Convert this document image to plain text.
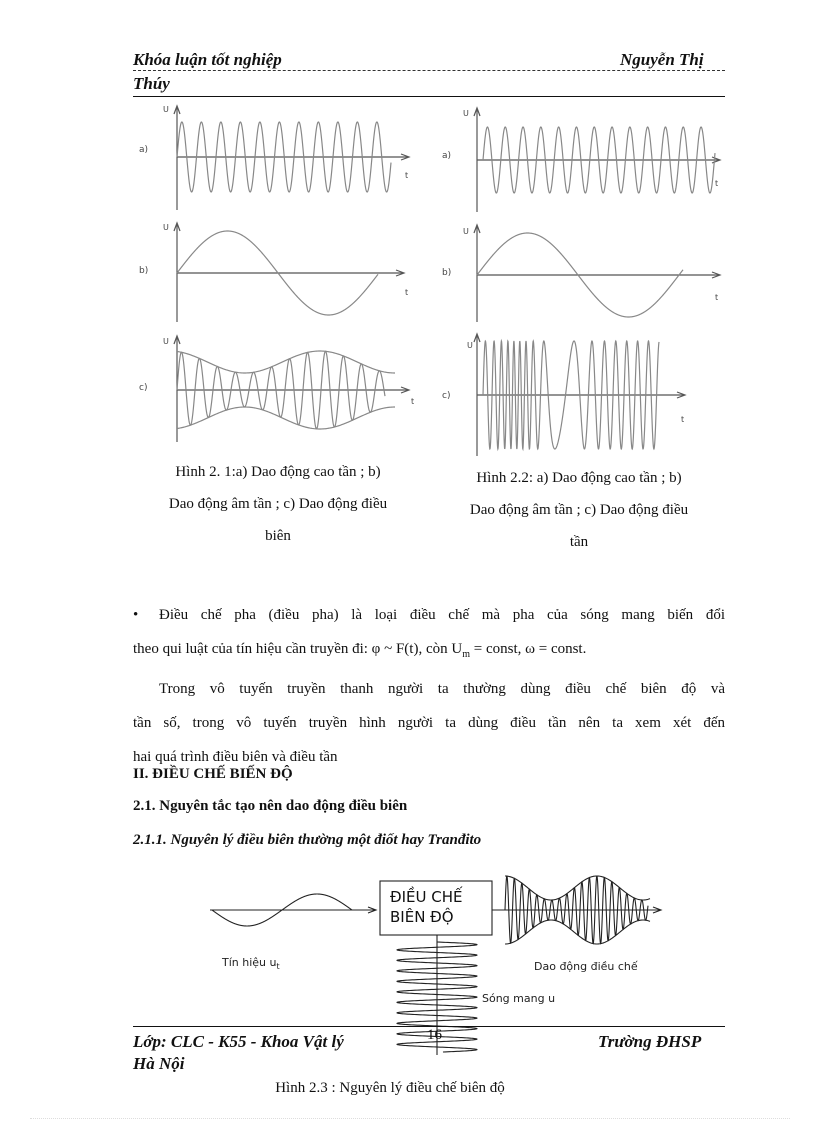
Khóa luận tốt nghiệp	Nguyễn Thị
Thúy
a)
b)
c)
U
U
U
t
t
t
a)
b)
c)
U
U
U
t
t
t
Hình 2. 1:a) Dao động cao tần ; b)
Dao động âm tần ; c) Dao động điều
biên
Hình 2.2: a) Dao động cao tần ; b)
Dao động âm tần ; c) Dao động điều
tần
• Điều chế pha (điều pha) là loại điều chế mà pha của sóng mang biến đổi
theo qui luật của tín hiệu cần truyền đi: φ ~ F(t), còn $U_m$ = const, ω = const.
Trong vô tuyến truyền thanh người ta thường dùng điều chế biên độ và
tần số, trong vô tuyến truyền hình người ta dùng điều tần nên ta xem xét đến
hai quá trình điều biên và điều tần
II. ĐIỀU CHẾ BIẾN ĐỘ
2.1. Nguyên tắc tạo nên dao động điều biên
2.1.1. Nguyên lý điều biên thường một điốt hay Tranđito
ĐIỀU CHẾ
BIÊN ĐỘ
Tín hiệu $u_t$	Dao động điều chế
Sóng mang u
Lớp: CLC - K55 - Khoa Vật lý	16	Trường ĐHSP
Hà Nội
Hình 2.3 : Nguyên lý điều chế biên độ
